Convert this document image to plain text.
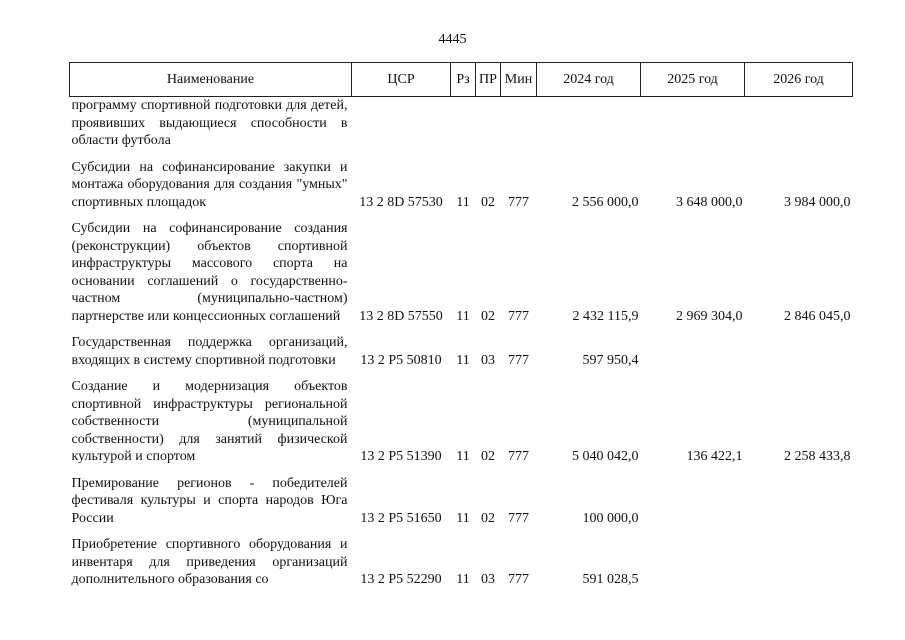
4445
Наименование	ЦСР	Рз	ПР	Мин	2024 год	2025 год	2026 год

программу спортивной подготовки для детей, проявивших выдающиеся способности в области футбола							

Субсидии на софинансирование закупки и монтажа оборудования для создания "умных" спортивных площадок	13 2 8D 57530	11	02	777	2 556 000,0	3 648 000,0	3 984 000,0

Субсидии на софинансирование создания (реконструкции) объектов спортивной инфраструктуры массового спорта на основании соглашений о государственно-частном (муниципально-частном) партнерстве или концессионных соглашений	13 2 8D 57550	11	02	777	2 432 115,9	2 969 304,0	2 846 045,0

Государственная поддержка организаций, входящих в систему спортивной подготовки	13 2 P5 50810	11	03	777	597 950,4		

Создание и модернизация объектов спортивной инфраструктуры региональной собственности (муниципальной собственности) для занятий физической культурой и спортом	13 2 P5 51390	11	02	777	5 040 042,0	136 422,1	2 258 433,8

Премирование регионов - победителей фестиваля культуры и спорта народов Юга России	13 2 P5 51650	11	02	777	100 000,0		

Приобретение спортивного оборудования и инвентаря для приведения организаций дополнительного образования со	13 2 P5 52290	11	03	777	591 028,5		
